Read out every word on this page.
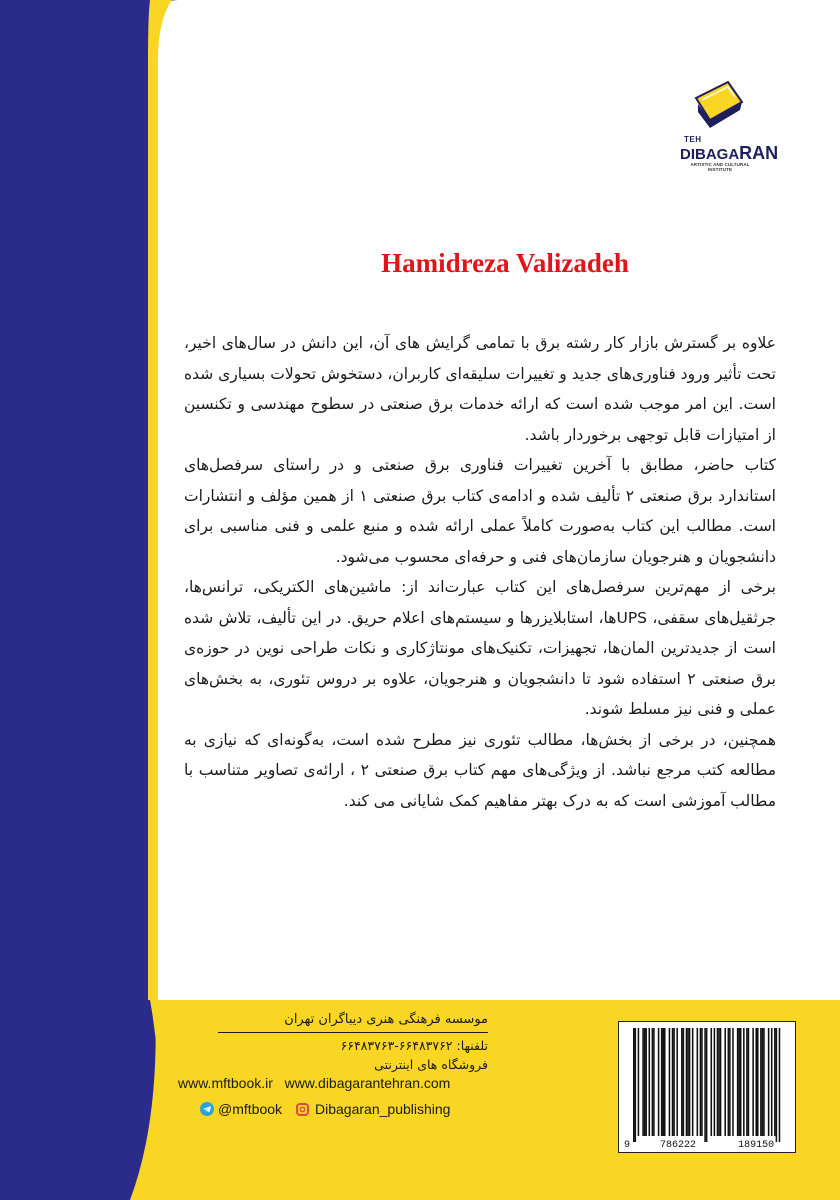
TEH
DIBAGARAN
ARTISTIC AND CULTURAL INSTITUTE
Hamidreza Valizadeh

علاوه بر گسترش بازار کار رشته برق با تمامی گرایش های آن، این دانش در سال‌های اخیر، تحت تأثیر ورود فناوری‌های جدید و تغییرات سلیقه‌ای کاربران، دستخوش تحولات بسیاری شده است. این امر موجب شده است که ارائه خدمات برق صنعتی در سطوح مهندسی و تکنسین از امتیازات قابل توجهی برخوردار باشد.

کتاب حاضر، مطابق با آخرین تغییرات فناوری برق صنعتی و در راستای سرفصل‌های استاندارد برق صنعتی ۲ تألیف شده و ادامه‌ی کتاب برق صنعتی ۱ از همین مؤلف و انتشارات است. مطالب این کتاب به‌صورت کاملاً عملی ارائه شده و منبع علمی و فنی مناسبی برای دانشجویان و هنرجویان سازمان‌های فنی و حرفه‌ای محسوب می‌شود.

برخی از مهم‌ترین سرفصل‌های این کتاب عبارت‌اند از: ماشین‌های الکتریکی، ترانس‌ها، جرثقیل‌های سقفی، UPS‌ها، استابلایزرها و سیستم‌های اعلام حریق. در این تألیف، تلاش شده است از جدیدترین المان‌ها، تجهیزات، تکنیک‌های مونتاژکاری و نکات طراحی نوین در حوزه‌ی برق صنعتی ۲ استفاده شود تا دانشجویان و هنرجویان، علاوه بر دروس تئوری، به بخش‌های عملی و فنی نیز مسلط شوند.

همچنین، در برخی از بخش‌ها، مطالب تئوری نیز مطرح شده است، به‌گونه‌ای که نیازی به مطالعه کتب مرجع نباشد. از ویژگی‌های مهم کتاب برق صنعتی ۲ ، ارائه‌ی تصاویر متناسب با مطالب آموزشی است که به درک بهتر مفاهیم کمک شایانی می کند.

موسسه فرهنگی هنری دیباگران تهران
تلفنها: ۶۶۴۸۳۷۶۲-۶۶۴۸۳۷۶۳
فروشگاه های اینترنتی
www.mftbook.ir   www.dibagarantehran.com
@mftbook Dibagaran_publishing
9	786222	189150
